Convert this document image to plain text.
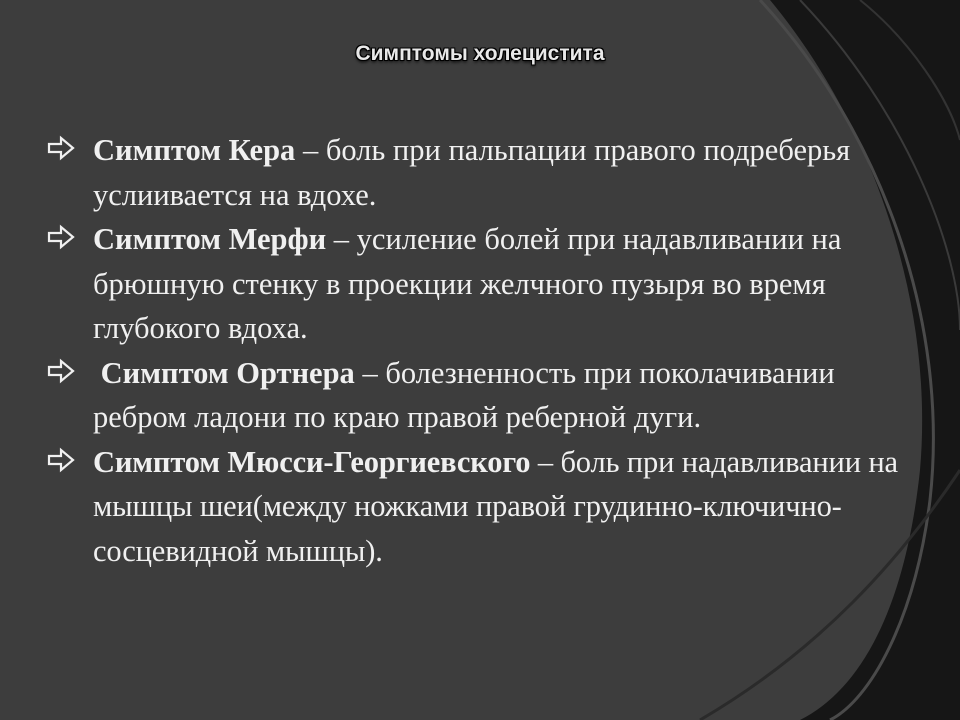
Симптомы холецистита
Симптом Кера – боль при пальпации правого подреберья услиивается на вдохе.
Симптом Мерфи – усиление болей при надавливании на брюшную стенку в проекции желчного пузыря во время глубокого вдоха.
Симптом Ортнера – болезненность при поколачивании ребром ладони по краю правой реберной дуги.
Симптом Мюсси-Георгиевского – боль при надавливании на мышцы шеи(между ножками правой грудинно-ключично-сосцевидной мышцы).
